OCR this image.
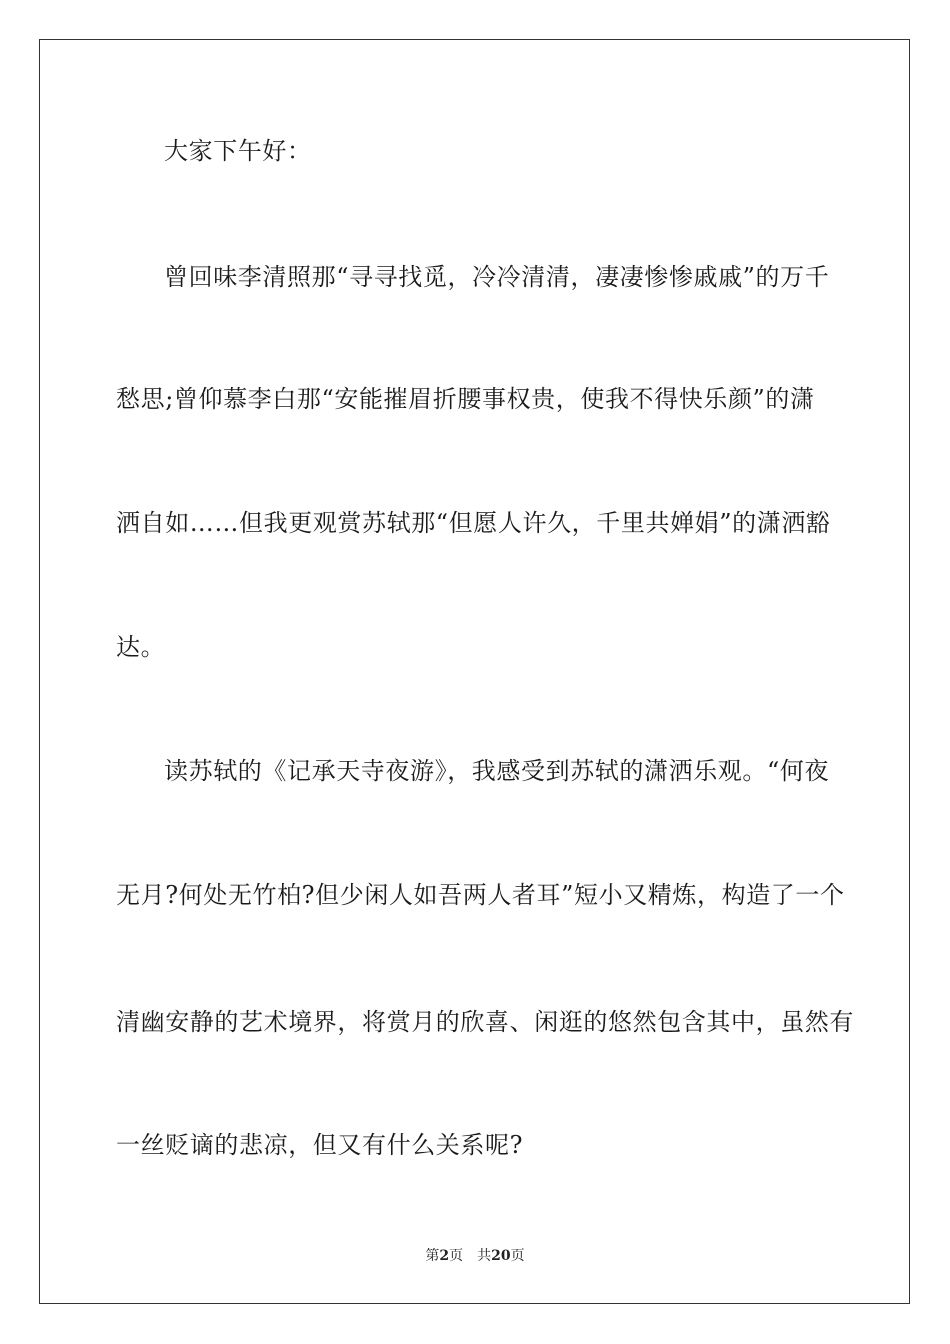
大家下午好：
曾回味李清照那“寻寻找觅，冷冷清清，凄凄惨惨戚戚”的万千
愁思;曾仰慕李白那“安能摧眉折腰事权贵，使我不得快乐颜”的潇
洒自如……但我更观赏苏轼那“但愿人许久，千里共婵娟”的潇洒豁
达。
读苏轼的《记承天寺夜游》，我感受到苏轼的潇洒乐观。“何夜
无月?何处无竹柏?但少闲人如吾两人者耳”短小又精炼，构造了一个
清幽安静的艺术境界，将赏月的欣喜、闲逛的悠然包含其中，虽然有
一丝贬谪的悲凉，但又有什么关系呢?
第2页 共20页
